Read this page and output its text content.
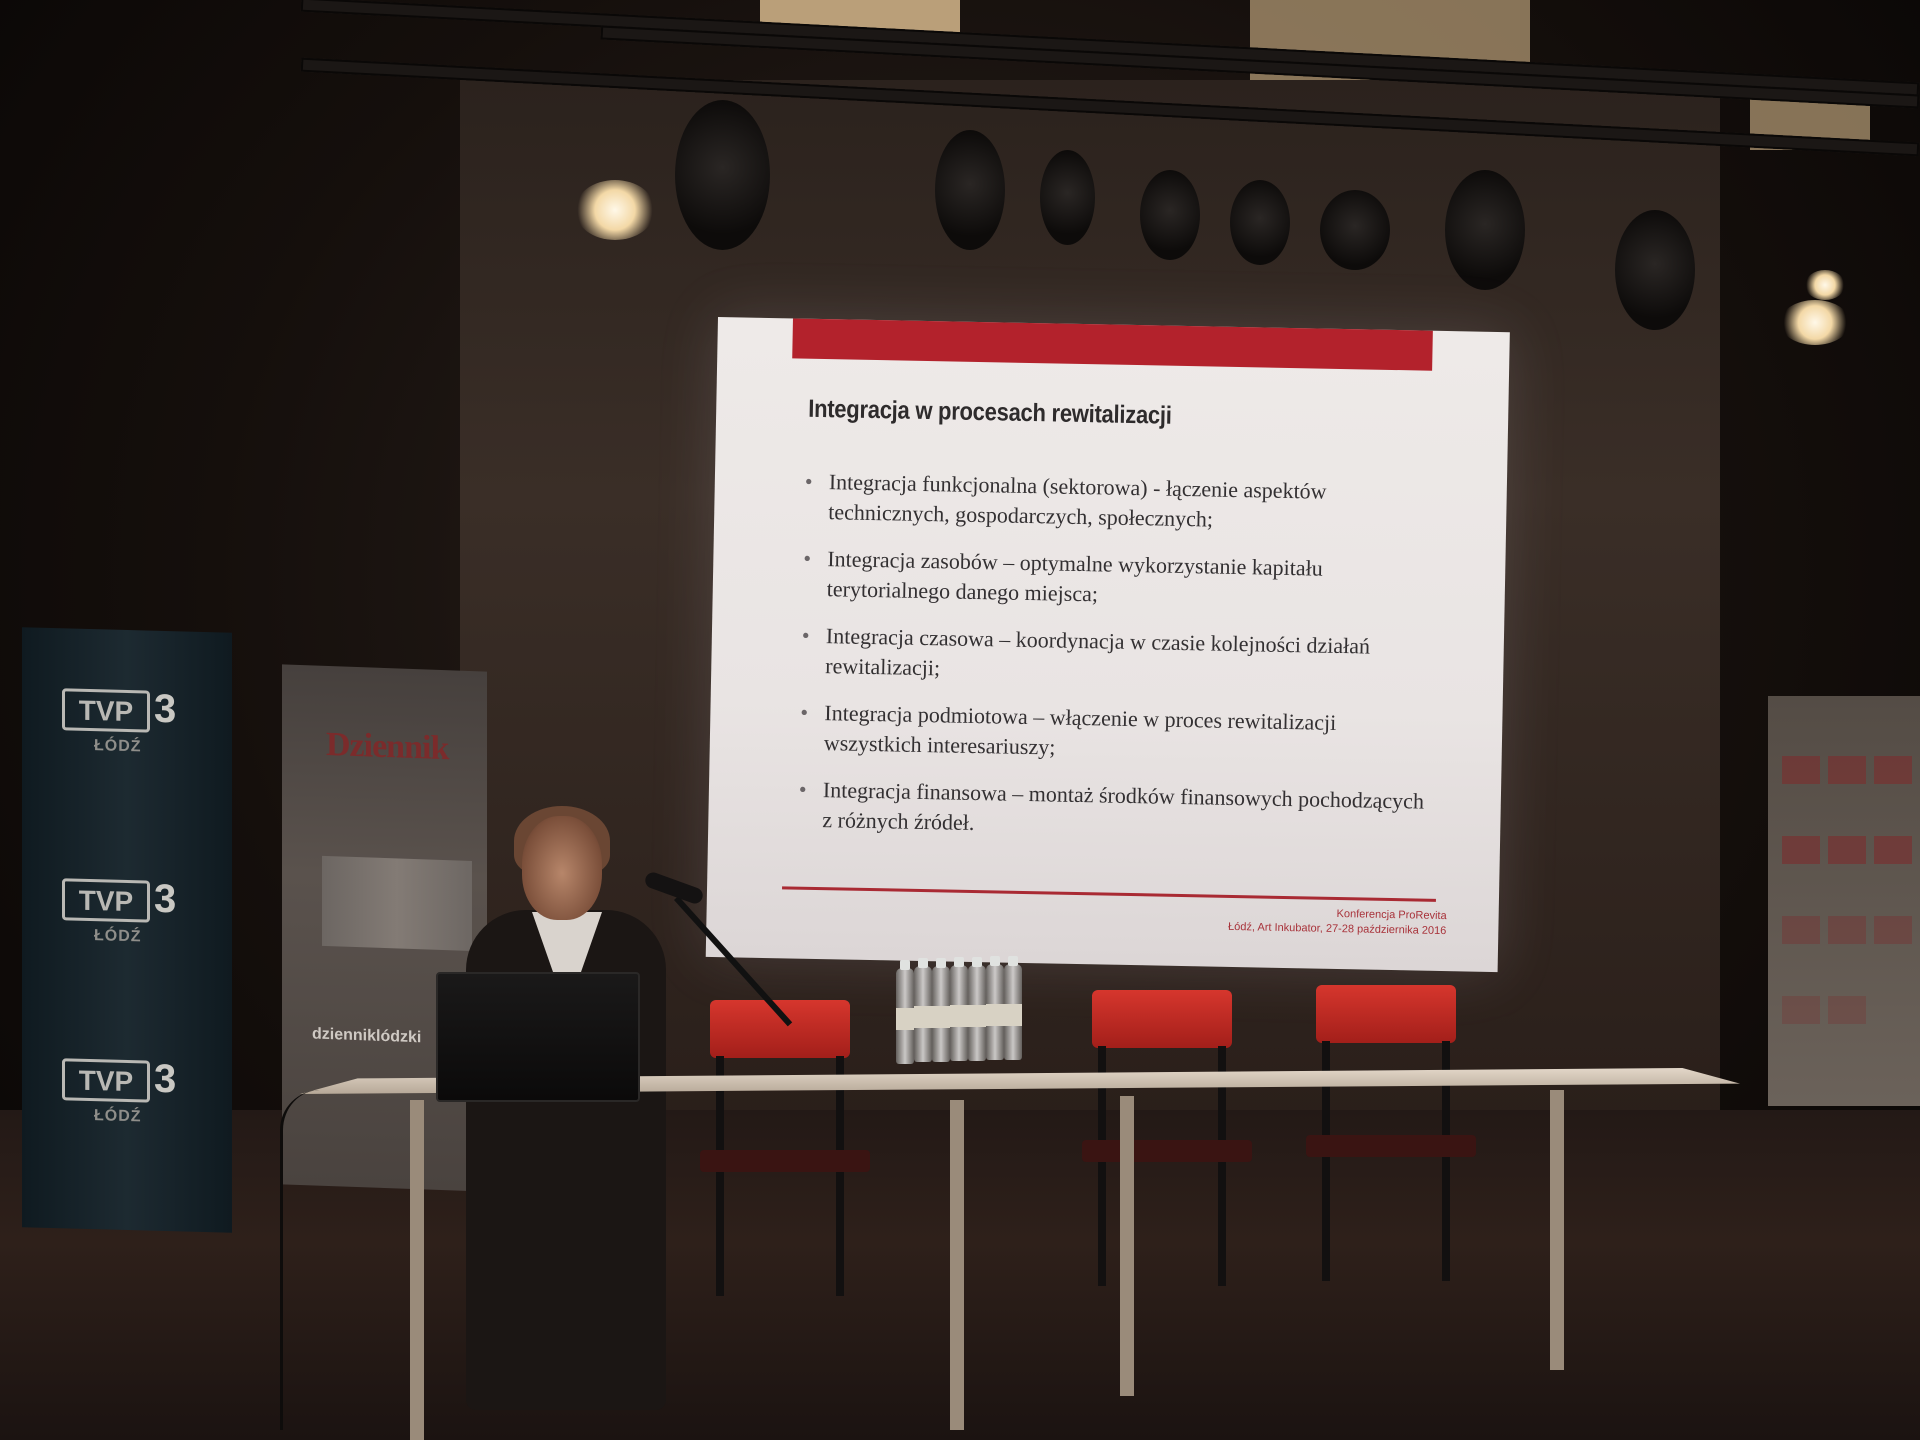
Integracja w procesach rewitalizacji
• Integracja funkcjonalna (sektorowa) - łączenie aspektów technicznych, gospodarczych, społecznych;
• Integracja zasobów – optymalne wykorzystanie kapitału terytorialnego danego miejsca;
• Integracja czasowa – koordynacja w czasie kolejności działań rewitalizacji;
• Integracja podmiotowa – włączenie w proces rewitalizacji wszystkich interesariuszy;
• Integracja finansowa – montaż środków finansowych pochodzących z różnych źródeł.
Konferencja ProRevita
Łódź, Art Inkubator, 27-28 października 2016
TVP 3
ŁÓDŹ
TVP 3
ŁÓDŹ
TVP 3
ŁÓDŹ
Dziennik
dzienniklódzki
